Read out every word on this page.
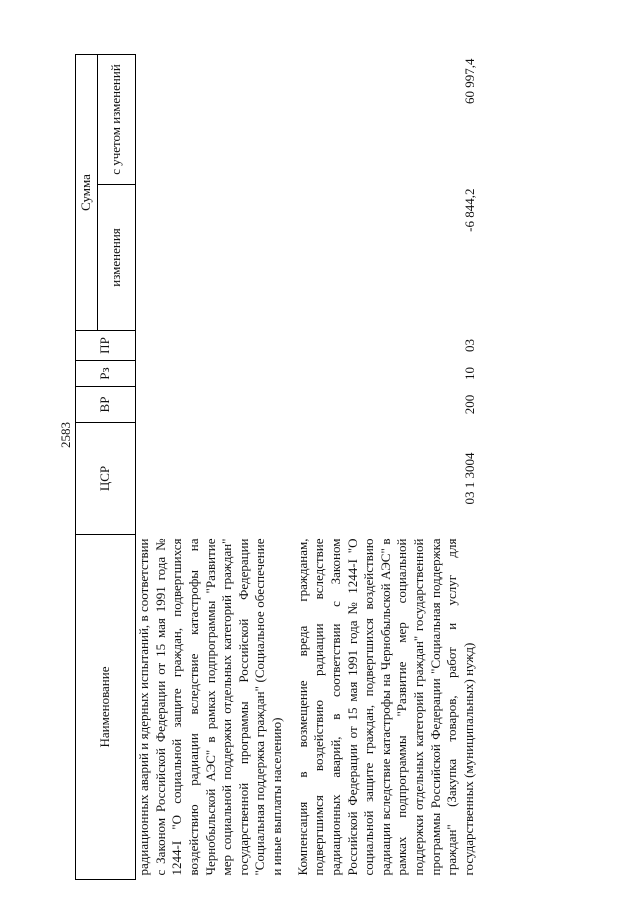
2583
Наименование	ЦСР	ВР	Рз	ПР	Сумма	
					изменения	с учетом изменений

радиационных аварий и ядерных испытаний, в соответствии с Законом Российской Федерации от 15 мая 1991 года № 1244-I "О социальной защите граждан, подвергшихся воздействию радиации вследствие катастрофы на Чернобыльской АЭС" в рамках подпрограммы "Развитие мер социальной поддержки отдельных категорий граждан" государственной программы Российской Федерации "Социальная поддержка граждан" (Социальное обеспечение и иные выплаты населению)						

Компенсация в возмещение вреда гражданам, подвергшимся воздействию радиации вследствие радиационных аварий, в соответствии с Законом Российской Федерации от 15 мая 1991 года № 1244-I "О социальной защите граждан, подвергшихся воздействию радиации вследствие катастрофы на Чернобыльской АЭС" в рамках подпрограммы "Развитие мер социальной поддержки отдельных категорий граждан" государственной программы Российской Федерации "Социальная поддержка граждан" (Закупка товаров, работ и услуг для государственных (муниципальных) нужд)	03 1 3004	200	10	03	-6 844,2	60 997,4
